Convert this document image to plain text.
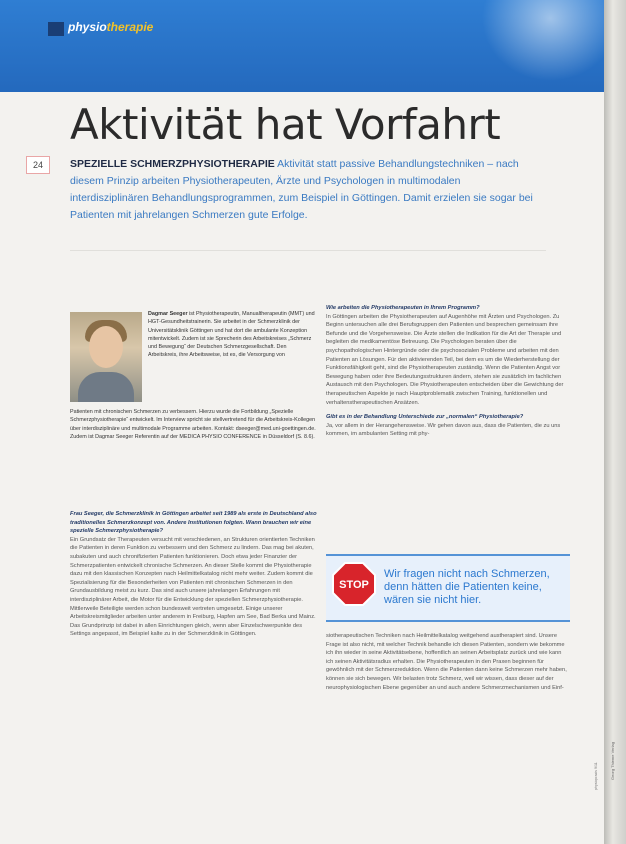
physiotherapie
Aktivität hat Vorfahrt
24	SPEZIELLE SCHMERZPHYSIOTHERAPIE Aktivität statt passive Behandlungstechniken – nach diesem Prinzip arbeiten Physiotherapeuten, Ärzte und Psychologen in multimodalen interdisziplinären Behandlungsprogrammen, zum Beispiel in Göttingen. Damit erzielen sie sogar bei Patienten mit jahrelangen Schmerzen gute Erfolge.
Dagmar Seeger ist Physiotherapeutin, Manualtherapeutin (MMT) und HGT-Gesundheitstrainerin. Sie arbeitet in der Schmerzklinik der Universitätsklinik Göttingen und hat dort die ambulante Konzeption mitentwickelt. Zudem ist sie Sprecherin des Arbeitskreises „Schmerz und Bewegung“ der Deutschen Schmerzgesellschaft. Den Arbeitskreis, ihre Arbeitsweise, ist es, die Versorgung von
Patienten mit chronischen Schmerzen zu verbessern. Hierzu wurde die Fortbildung „Spezielle Schmerzphysiotherapie“ entwickelt. Im Interview spricht sie stellvertretend für die Arbeitskreis-Kollegen über interdisziplinäre und multimodale Programme arbeiten. Kontakt: dseeger@med.uni-goettingen.de. Zudem ist Dagmar Seeger Referentin auf der MEDICA PHYSIO CONFERENCE in Düsseldorf (S. 8.6).

Wie arbeiten die Physiotherapeuten in Ihrem Programm?

In Göttingen arbeiten die Physiotherapeuten auf Augenhöhe mit Ärzten und Psychologen. Zu Beginn untersuchen alle drei Berufsgruppen den Patienten und besprechen gemeinsam ihre Befunde und die Vorgehensweise. Die Ärzte stellen die Indikation für die Art der Therapie und begleiten die medikamentöse Betreuung. Die Psychologen beraten über die psychopathologischen Hintergründe oder die psychosozialen Probleme und arbeiten mit den Patienten an Lösungen. Für den aktivierenden Teil, bei dem es um die Wiederherstellung der Funktionsfähigkeit geht, sind die Physiotherapeuten zuständig. Wenn die Patienten Angst vor Bewegung haben oder ihre Bedeutungsstrukturen ändern, stehen sie zusätzlich im fachlichen Austausch mit den Psychologen. Die Physiotherapeuten entscheiden über die Gewichtung der therapeutischen Aspekte je nach Hauptproblematik zwischen Training, funktionellen und verhaltenstherapeutischen Ansätzen.

Gibt es in der Behandlung Unterschiede zur „normalen“ Physiotherapie?

Ja, vor allem in der Herangehensweise. Wir gehen davon aus, dass die Patienten, die zu uns kommen, im ambulanten Setting mit phy-

STOP
Wir fragen nicht nach Schmerzen, denn hätten die Patienten keine, wären sie nicht hier.

Frau Seeger, die Schmerzklinik in Göttingen arbeitet seit 1989 als erste in Deutschland also traditionelles Schmerzkonzept von. Andere Institutionen folgten. Wann brauchen wir eine spezielle Schmerzphysiotherapie?

Ein Grundsatz der Therapeuten versucht mit verschiedenen, an Strukturen orientierten Techniken die Patienten in deren Funktion zu verbessern und den Schmerz zu lindern. Das mag bei akuten, subakuten und auch chronifizierten Patienten funktionieren. Doch etwa jeder Finanzier der Schmerzpatienten entwickelt chronische Schmerzen. An dieser Stelle kommt die Physiotherapie dazu mit den klassischen Konzepten nach Heilmittelkatalog nicht mehr weiter. Zudem kommt die Spezialisierung für die Besonderheiten von Patienten mit chronischen Schmerzen in den Grundausbildung meist zu kurz. Das sind auch unsere jahrelangen Erfahrungen mit interdisziplinärer Arbeit, die Motor für die Entwicklung der speziellen Schmerzphysiotherapie. Mittlerweile Beteiligte werden schon bundesweit vertreten umgesetzt. Einige unserer Arbeitskreismitglieder arbeiten unter anderem in Freiburg, Hapfen am See, Bad Berka und Mainz. Das Grundprinzip ist dabei in allen Einrichtungen gleich, wenn aber Einzelschwerpunkte des Settings angepasst, im Beispiel kalte zu in der Schmerzklinik in Göttingen.	siotherapeutischen Techniken nach Heilmittelkatalog weitgehend austherapiert sind. Unsere Frage ist also nicht, mit welcher Technik behandle ich diesen Patienten, sondern wie bekomme ich ihn wieder in seine Aktivitätsebene, hoffentlich an seinen Arbeitsplatz zurück und wie kann ich seinen Aktivitätsradius erhalten. Die Physiotherapeuten in den Praxen beginnen für gewöhnlich mit der Schmerzreduktion. Wenn die Patienten dann keine Schmerzen mehr haben, können sie sich bewegen. Wir belasten trotz Schmerz, weil wir wissen, dass dieser auf der neurophysiologischen Ebene gegenüber an und auch andere Schmerzmechanismen und Einf-

physiopraxis 9/11	Georg Thieme Verlag
